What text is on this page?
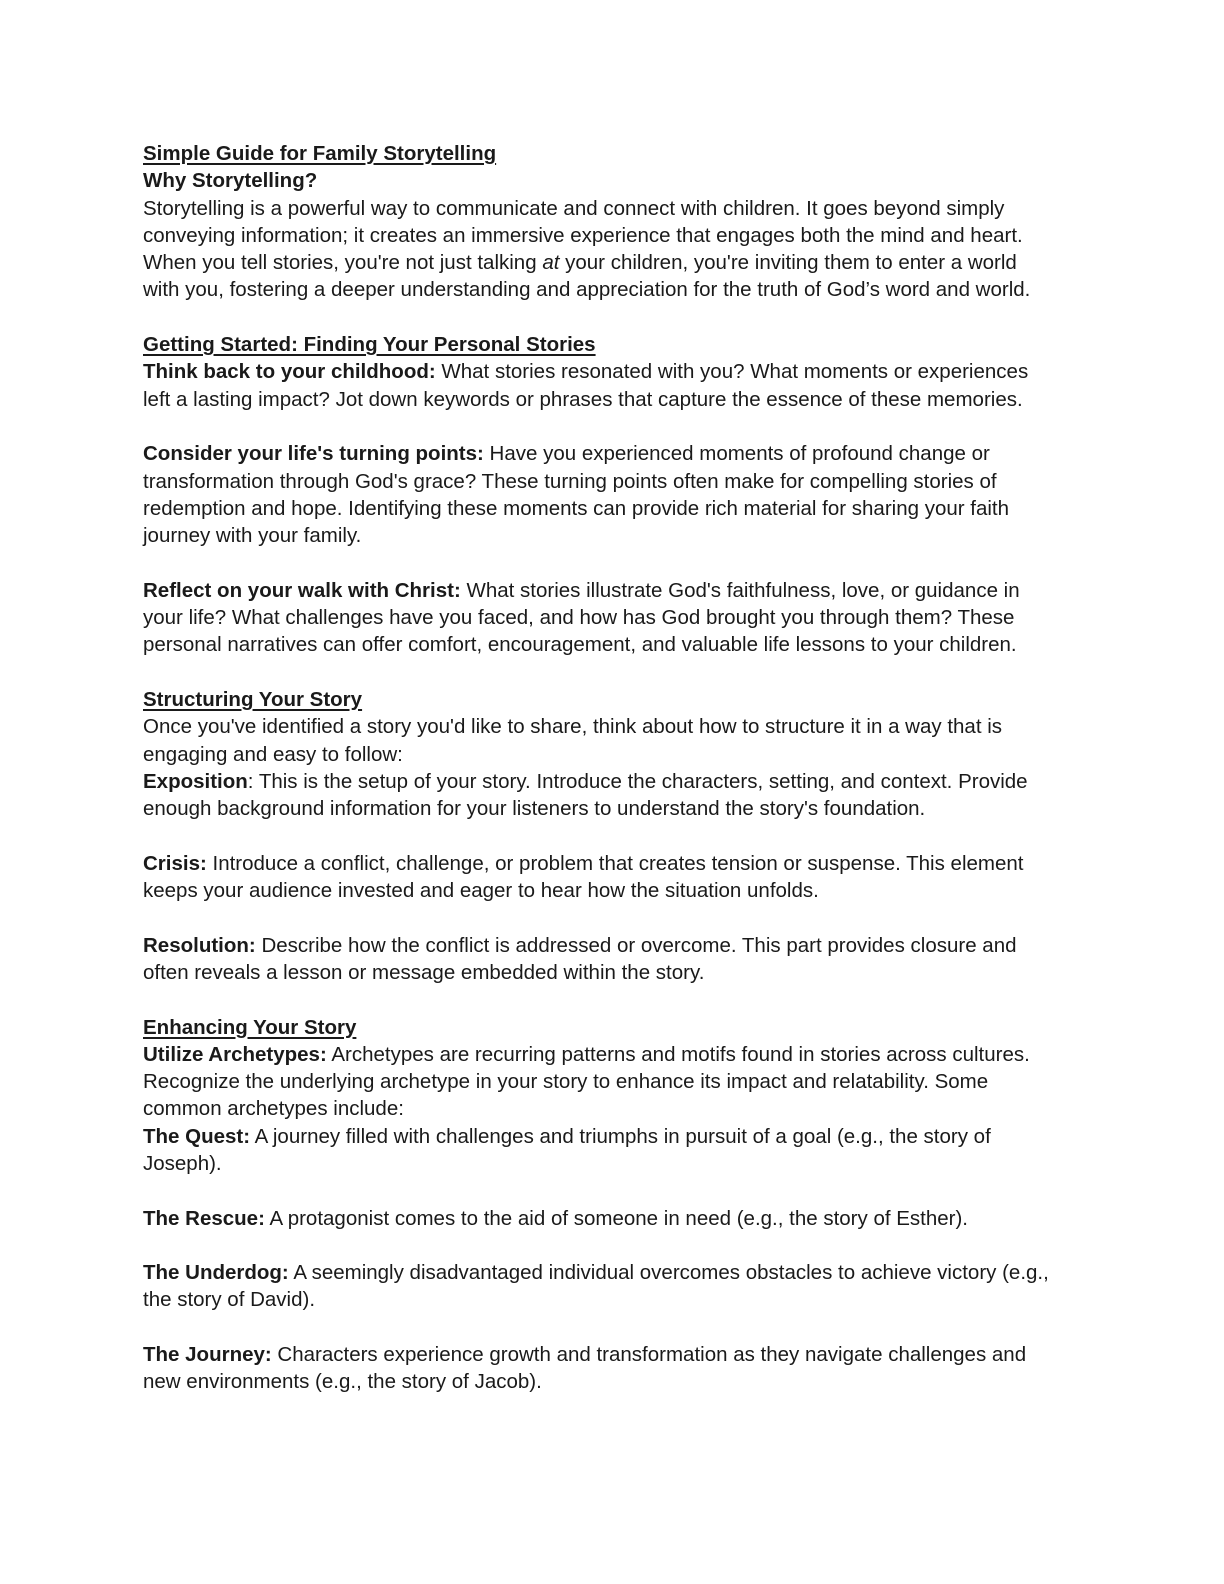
Simple Guide for Family Storytelling
Why Storytelling?
Storytelling is a powerful way to communicate and connect with children. It goes beyond simply
conveying information; it creates an immersive experience that engages both the mind and heart.
When you tell stories, you're not just talking at your children, you're inviting them to enter a world
with you, fostering a deeper understanding and appreciation for the truth of God’s word and world.
Getting Started: Finding Your Personal Stories
Think back to your childhood: What stories resonated with you? What moments or experiences
left a lasting impact? Jot down keywords or phrases that capture the essence of these memories.
Consider your life's turning points: Have you experienced moments of profound change or
transformation through God's grace? These turning points often make for compelling stories of
redemption and hope. Identifying these moments can provide rich material for sharing your faith
journey with your family.
Reflect on your walk with Christ: What stories illustrate God's faithfulness, love, or guidance in
your life? What challenges have you faced, and how has God brought you through them? These
personal narratives can offer comfort, encouragement, and valuable life lessons to your children.
Structuring Your Story
Once you've identified a story you'd like to share, think about how to structure it in a way that is
engaging and easy to follow:
Exposition: This is the setup of your story. Introduce the characters, setting, and context. Provide
enough background information for your listeners to understand the story's foundation.
Crisis: Introduce a conflict, challenge, or problem that creates tension or suspense. This element
keeps your audience invested and eager to hear how the situation unfolds.
Resolution: Describe how the conflict is addressed or overcome. This part provides closure and
often reveals a lesson or message embedded within the story.
Enhancing Your Story
Utilize Archetypes: Archetypes are recurring patterns and motifs found in stories across cultures.
Recognize the underlying archetype in your story to enhance its impact and relatability. Some
common archetypes include:
The Quest: A journey filled with challenges and triumphs in pursuit of a goal (e.g., the story of
Joseph).
The Rescue: A protagonist comes to the aid of someone in need (e.g., the story of Esther).
The Underdog: A seemingly disadvantaged individual overcomes obstacles to achieve victory (e.g.,
the story of David).
The Journey: Characters experience growth and transformation as they navigate challenges and
new environments (e.g., the story of Jacob).
